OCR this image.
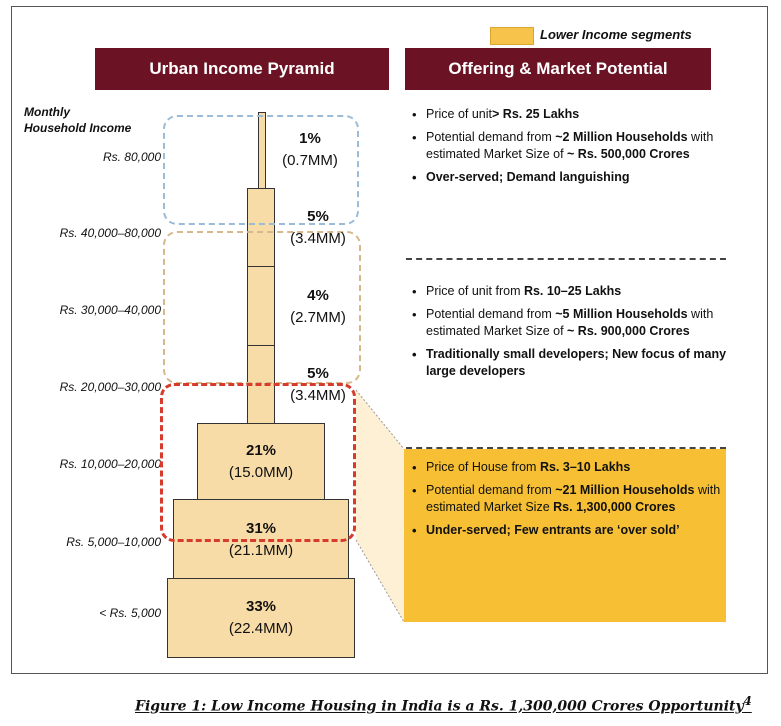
Lower Income segments
Urban Income Pyramid	Offering & Market Potential
Monthly
Household Income
Rs. 80,000
Rs. 40,000–80,000
Rs. 30,000–40,000
Rs. 20,000–30,000
Rs. 10,000–20,000
Rs. 5,000–10,000
< Rs. 5,000
1%
(0.7MM)
5%
(3.4MM)
4%
(2.7MM)
5%
(3.4MM)
21%
(15.0MM)
31%
(21.1MM)
33%
(22.4MM)
• Price of unit> Rs. 25 Lakhs
• Potential demand from ~2 Million Households with estimated Market Size of ~ Rs. 500,000 Crores
• Over-served; Demand languishing
• Price of unit from Rs. 10–25 Lakhs
• Potential demand from ~5 Million Households with estimated Market Size of ~ Rs. 900,000 Crores
• Traditionally small developers; New focus of many large developers
• Price of House from Rs. 3–10 Lakhs
• Potential demand from ~21 Million Households with estimated Market Size Rs. 1,300,000 Crores
• Under-served; Few entrants are ‘over sold’
Figure 1: Low Income Housing in India is a Rs. 1,300,000 Crores Opportunity$^4$
